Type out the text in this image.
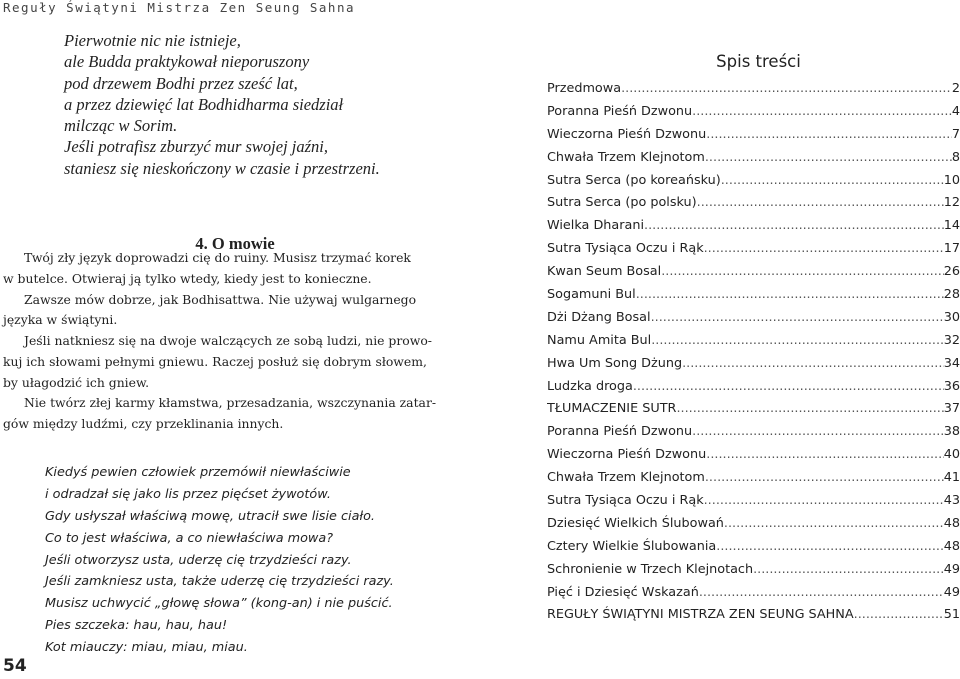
Reguły Świątyni Mistrza Zen Seung Sahna
Pierwotnie nic nie istnieje,
ale Budda praktykował nieporuszony
pod drzewem Bodhi przez sześć lat,
a przez dziewięć lat Bodhidharma siedział
milcząc w Sorim.
Jeśli potrafisz zburzyć mur swojej jaźni,
staniesz się nieskończony w czasie i przestrzeni.
4. O mowie
Twój zły język doprowadzi cię do ruiny. Musisz trzymać korek
w butelce. Otwieraj ją tylko wtedy, kiedy jest to konieczne.
Zawsze mów dobrze, jak Bodhisattwa. Nie używaj wulgarnego
języka w świątyni.
Jeśli natkniesz się na dwoje walczących ze sobą ludzi, nie prowo-
kuj ich słowami pełnymi gniewu. Raczej posłuż się dobrym słowem,
by ułagodzić ich gniew.
Nie twórz złej karmy kłamstwa, przesadzania, wszczynania zatar-
gów między ludźmi, czy przeklinania innych.
Kiedyś pewien człowiek przemówił niewłaściwie
i odradzał się jako lis przez pięćset żywotów.
Gdy usłyszał właściwą mowę, utracił swe lisie ciało.
Co to jest właściwa, a co niewłaściwa mowa?
Jeśli otworzysz usta, uderzę cię trzydzieści razy.
Jeśli zamkniesz usta, także uderzę cię trzydzieści razy.
Musisz uchwycić „głowę słowa” (kong-an) i nie puścić.
Pies szczeka: hau, hau, hau!
Kot miauczy: miau, miau, miau.
54
Spis treści
Przedmowa .....	2
Poranna Pieśń Dzwonu .....	4
Wieczorna Pieśń Dzwonu .....	7
Chwała Trzem Klejnotom .....	8
Sutra Serca (po koreańsku) .....	10
Sutra Serca (po polsku) .....	12
Wielka Dharani .....	14
Sutra Tysiąca Oczu i Rąk .....	17
Kwan Seum Bosal .....	26
Sogamuni Bul .....	28
Dżi Dżang Bosal .....	30
Namu Amita Bul .....	32
Hwa Um Song Dżung .....	34
Ludzka droga .....	36
TŁUMACZENIE SUTR .....	37
Poranna Pieśń Dzwonu .....	38
Wieczorna Pieśń Dzwonu .....	40
Chwała Trzem Klejnotom .....	41
Sutra Tysiąca Oczu i Rąk .....	43
Dziesięć Wielkich Ślubowań .....	48
Cztery Wielkie Ślubowania .....	48
Schronienie w Trzech Klejnotach .....	49
Pięć i Dziesięć Wskazań .....	49
REGUŁY ŚWIĄTYNI MISTRZA ZEN SEUNG SAHNA .....	51
